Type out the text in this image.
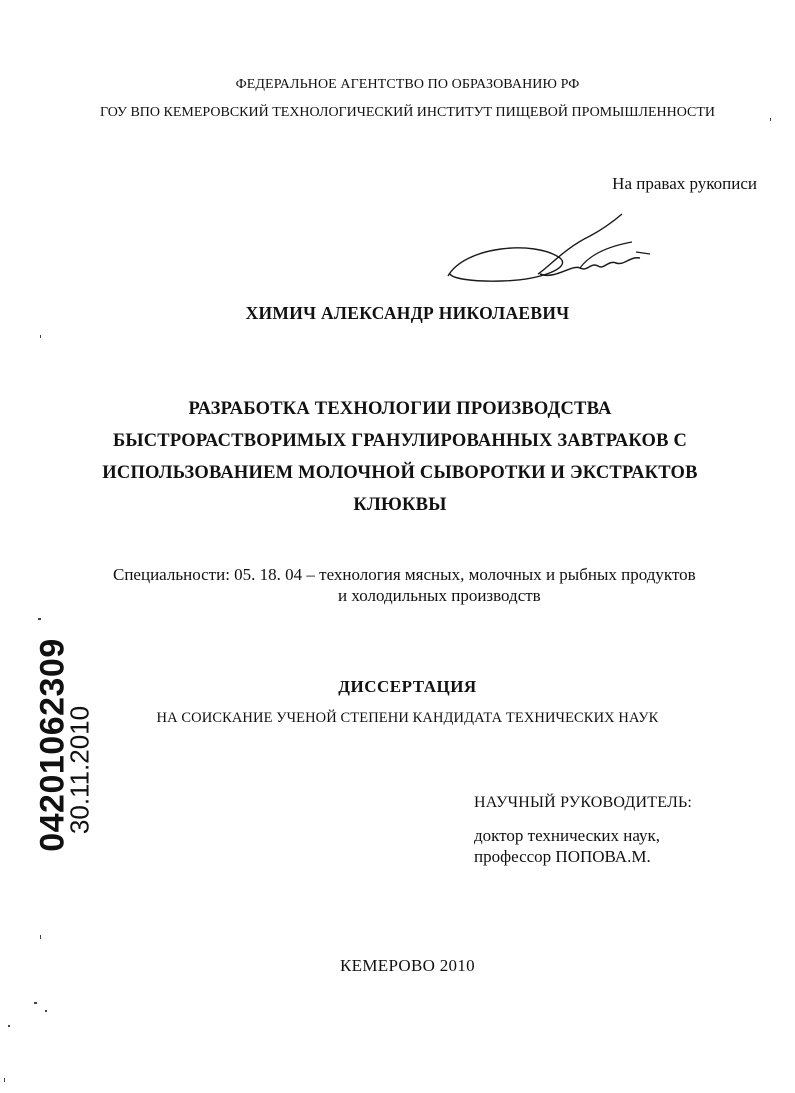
ФЕДЕРАЛЬНОЕ АГЕНТСТВО ПО ОБРАЗОВАНИЮ РФ
ГОУ ВПО КЕМЕРОВСКИЙ ТЕХНОЛОГИЧЕСКИЙ ИНСТИТУТ ПИЩЕВОЙ ПРОМЫШЛЕННОСТИ
На правах рукописи
ХИМИЧ АЛЕКСАНДР НИКОЛАЕВИЧ
РАЗРАБОТКА ТЕХНОЛОГИИ ПРОИЗВОДСТВА
БЫСТРОРАСТВОРИМЫХ ГРАНУЛИРОВАННЫХ ЗАВТРАКОВ С
ИСПОЛЬЗОВАНИЕМ МОЛОЧНОЙ СЫВОРОТКИ И ЭКСТРАКТОВ
КЛЮКВЫ
Специальности: 05. 18. 04 – технология мясных, молочных и рыбных продуктов
и холодильных производств
ДИССЕРТАЦИЯ
НА СОИСКАНИЕ УЧЕНОЙ СТЕПЕНИ КАНДИДАТА ТЕХНИЧЕСКИХ НАУК
НАУЧНЫЙ РУКОВОДИТЕЛЬ:
доктор технических наук,
профессор ПОПОВА.М.
КЕМЕРОВО 2010
04201062309
30.11.2010
